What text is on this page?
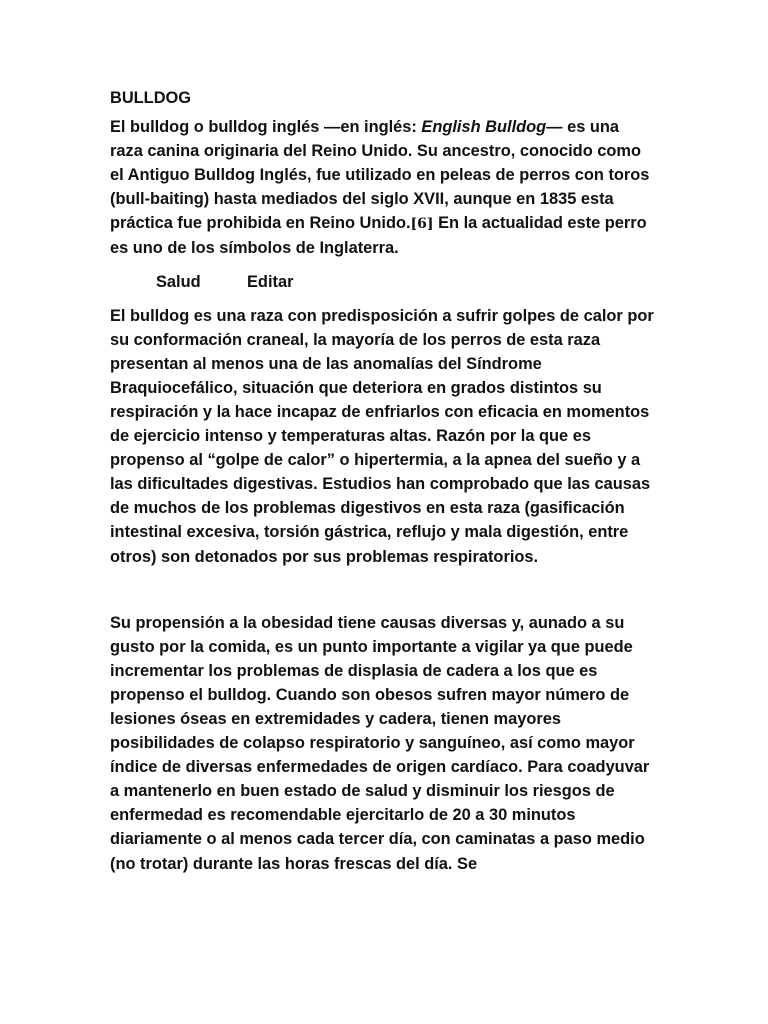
BULLDOG

El bulldog o bulldog inglés —en inglés: English Bulldog— es una raza canina originaria del Reino Unido. Su ancestro, conocido como el Antiguo Bulldog Inglés, fue utilizado en peleas de perros con toros (bull-baiting) hasta mediados del siglo XVII, aunque en 1835 esta práctica fue prohibida en Reino Unido.[6] En la actualidad este perro es uno de los símbolos de Inglaterra.

Salud	Editar

El bulldog es una raza con predisposición a sufrir golpes de calor por su conformación craneal, la mayoría de los perros de esta raza presentan al menos una de las anomalías del Síndrome Braquiocefálico, situación que deteriora en grados distintos su respiración y la hace incapaz de enfriarlos con eficacia en momentos de ejercicio intenso y temperaturas altas. Razón por la que es propenso al “golpe de calor” o hipertermia, a la apnea del sueño y a las dificultades digestivas. Estudios han comprobado que las causas de muchos de los problemas digestivos en esta raza (gasificación intestinal excesiva, torsión gástrica, reflujo y mala digestión, entre otros) son detonados por sus problemas respiratorios.

Su propensión a la obesidad tiene causas diversas y, aunado a su gusto por la comida, es un punto importante a vigilar ya que puede incrementar los problemas de displasia de cadera a los que es propenso el bulldog. Cuando son obesos sufren mayor número de lesiones óseas en extremidades y cadera, tienen mayores posibilidades de colapso respiratorio y sanguíneo, así como mayor índice de diversas enfermedades de origen cardíaco. Para coadyuvar a mantenerlo en buen estado de salud y disminuir los riesgos de enfermedad es recomendable ejercitarlo de 20 a 30 minutos diariamente o al menos cada tercer día, con caminatas a paso medio (no trotar) durante las horas frescas del día. Se
